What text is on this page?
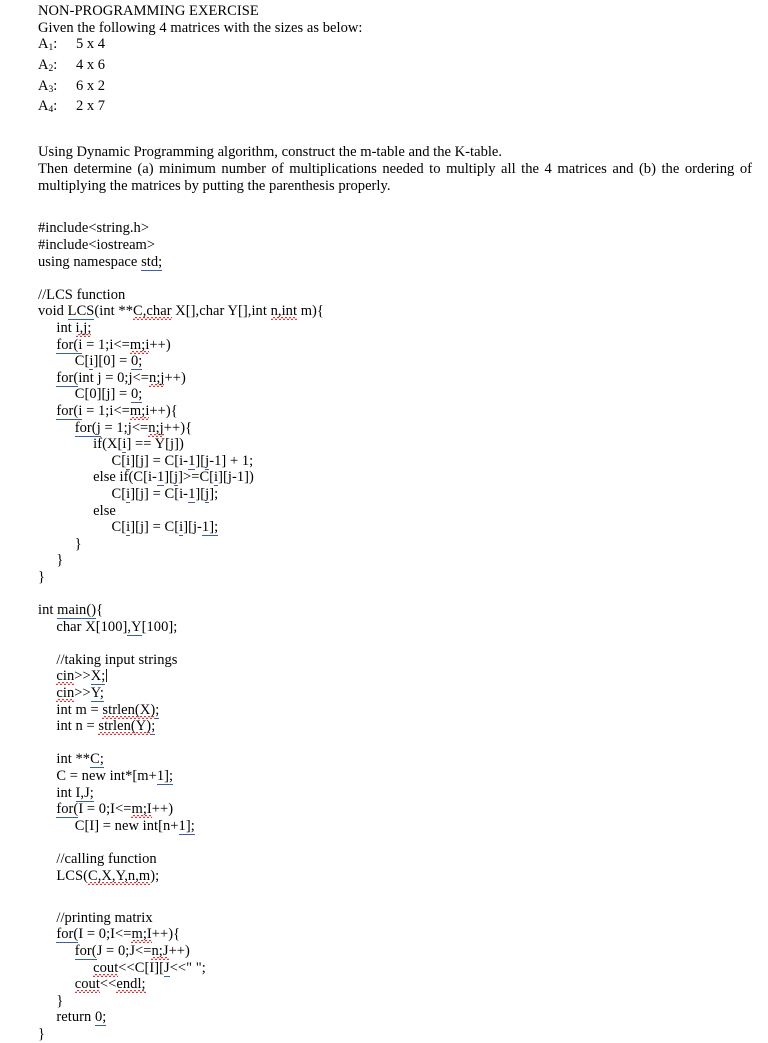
NON-PROGRAMMING EXERCISE
Given the following 4 matrices with the sizes as below:
$A_1$: 5 x 4
$A_2$: 4 x 6
$A_3$: 6 x 2
$A_4$: 2 x 7
Using Dynamic Programming algorithm, construct the m-table and the K-table.
Then determine (a) minimum number of multiplications needed to multiply all the 4 matrices and (b) the ordering of multiplying the matrices by putting the parenthesis properly.
#include<string.h>
#include<iostream>
using namespace std;
//LCS function
void LCS(int **C,char X[],char Y[],int n,int m){
int i,j;
for(i = 1;i<=m;i++)
C[i][0] = 0;
for(int j = 0;j<=n;j++)
C[0][j] = 0;
for(i = 1;i<=m;i++){
for(j = 1;j<=n;j++){
if(X[i] == Y[j])
C[i][j] = C[i-1][j-1] + 1;
else if(C[i-1][j]>=C[i][j-1])
C[i][j] = C[i-1][j];
else
C[i][j] = C[i][j-1];
}
}
}
int main(){
char X[100],Y[100];
//taking input strings
cin>>X;
cin>>Y;
int m = strlen(X);
int n = strlen(Y);
int **C;
C = new int*[m+1];
int I,J;
for(I = 0;I<=m;I++)
C[I] = new int[n+1];
//calling function
LCS(C,X,Y,n,m);
//printing matrix
for(I = 0;I<=m;I++){
for(J = 0;J<=n;J++)
cout<<C[I][J<<" ";
cout<<endl;
}
return 0;
}
